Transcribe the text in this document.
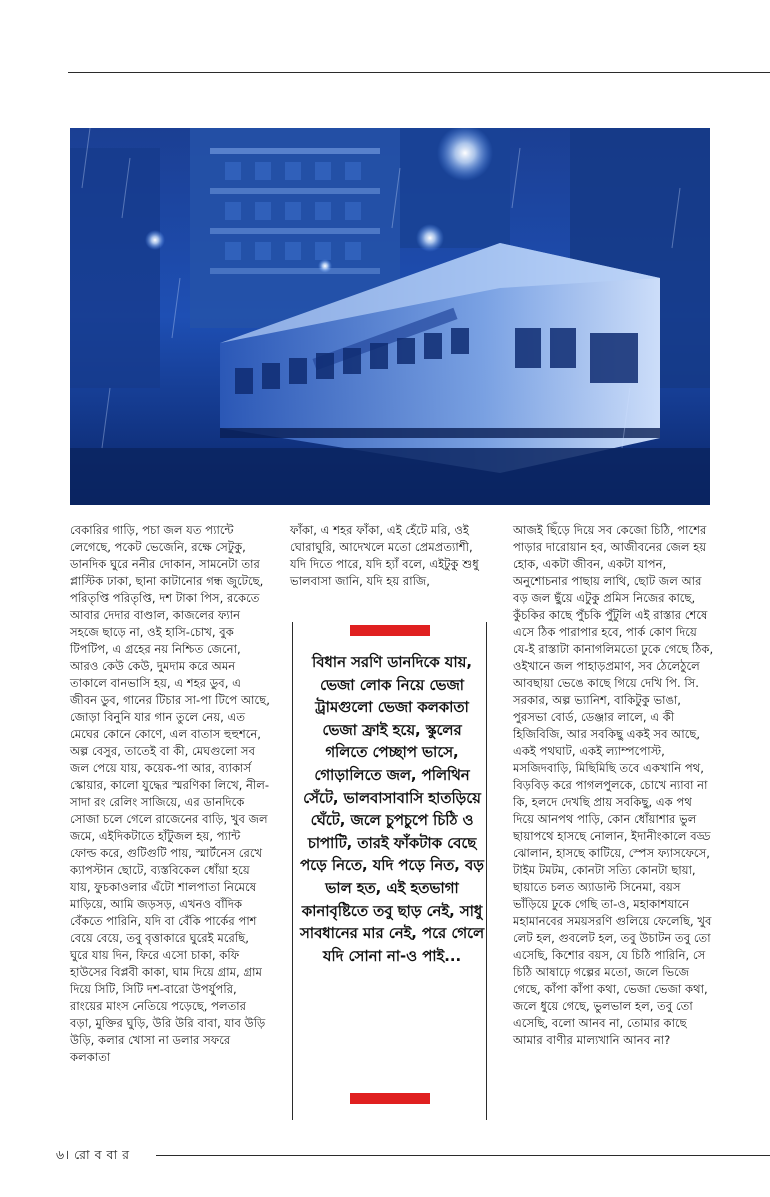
বেকারির গাড়ি, পচা জল যত প্যান্টে লেগেছে, পকেট ভেজেনি, রক্ষে সেটুকু, ডানদিক ঘুরে ননীর দোকান, সামনেটা তার প্লাস্টিক ঢাকা, ছানা কাটানোর গন্ধ জুটেছে, পরিতৃপ্তি পরিতৃপ্তি, দশ টাকা পিস, রকেতে আবার দেদার বাণ্ডাল, কাজলের ফ্যান সহজে ছাড়ে না, ওই হাসি-চোখ, বুক টিপটিপ, এ গ্রহের নয় নিশ্চিত জেনো, আরও কেউ কেউ, দুমদাম করে অমন তাকালে বানভাসি হয়, এ শহর ডুব, এ জীবন ডুব, গানের টিচার সা-পা টিপে আছে, জোড়া বিনুনি যার গান তুলে নেয়, এত মেঘের কোনে কোণে, এল বাতাস হুহুশনে, অল্প বেসুর, তাতেই বা কী, মেঘগুলো সব জল পেয়ে যায়, কয়েক-পা আর, ব্যাকার্স স্কোয়ার, কালো যুদ্ধের স্মরণিকা লিখে, নীল-সাদা রং রেলিং সাজিয়ে, এর ডানদিকে সোজা চলে গেলে রাজেনের বাড়ি, খুব জল জমে, এইদিকটাতে হাঁটুজল হয়, প্যান্ট ফোল্ড করে, গুটিগুটি পায়, স্মার্টনেস রেখে ক্যাপস্টান ছোটে, ব্যস্তবিকেল ধোঁয়া হয়ে যায়, ফুচকাওলার এঁটো শালপাতা নিমেষে মাড়িয়ে, আমি জড়সড়, এখনও বাঁদিক বেঁকতে পারিনি, যদি বা বেঁকি পার্কের পাশ বেয়ে বেয়ে, তবু বৃত্তাকারে ঘুরেই মরেছি, ঘুরে যায় দিন, ফিরে এসো চাকা, কফি হাউসের বিপ্লবী কাকা, ঘাম দিয়ে গ্রাম, গ্রাম দিয়ে সিটি, সিটি দশ-বারো উপর্যুপরি, রাংয়ের মাংস নেতিয়ে পড়েছে, পলতার বড়া, মুক্তির ঘুড়ি, উরি উরি বাবা, যাব উড়ি উড়ি, কলার খোসা না ডলার সফরে কলকাতা

ফাঁকা, এ শহর ফাঁকা, এই হেঁটে মরি, ওই ঘোরাঘুরি, আদেখলে মতো প্রেমপ্রত্যাশী, যদি দিতে পারে, যদি হ্যাঁ বলে, এইটুকু শুধু ভালবাসা জানি, যদি হয় রাজি,

আজই ছিঁড়ে দিয়ে সব কেজো চিঠি, পাশের পাড়ার দারোয়ান হব, আজীবনের জেল হয় হোক, একটা জীবন, একটা যাপন, অনুশোচনার পাছায় লাথি, ছোট জল আর বড় জল ছুঁয়ে এটুকু প্রমিস নিজের কাছে, কুঁচকির কাছে পুঁচকি পুঁটুলি এই রাস্তার শেষে এসে ঠিক পারাপার হবে, পার্ক কোণ দিয়ে যে-ই রাস্তাটা কানাগলিমতো ঢুকে গেছে ঠিক, ওইখানে জল পাহাড়প্রমাণ, সব ঠেলেঠুলে আবছায়া ভেঙে কাছে গিয়ে দেখি পি. সি. সরকার, অল্প ভ্যানিশ, বাকিটুকু ভাঙা, পুরসভা বোর্ড, ডেঞ্জার লালে, এ কী হিজিবিজি, আর সবকিছু একই সব আছে, একই পথঘাট, একই ল্যাম্পপোস্ট, মসজিদবাড়ি, মিছিমিছি তবে একখানি পথ, বিড়বিড় করে পাগলপুলকে, চোখে ন্যাবা না কি, হলদে দেখছি প্রায় সবকিছু, এক পথ দিয়ে আনপথ পাড়ি, কোন ধোঁয়াশার ভুল ছায়াপথে হাসছে নোলান, ইদানীংকালে বড্ড ঝোলান, হাসছে কাটিয়ে, স্পেস ফ্যাসফেসে, টাইম টমটম, কোনটা সত্যি কোনটা ছায়া, ছায়াতে চলত অ্যাডাল্ট সিনেমা, বয়স ভাঁড়িয়ে ঢুকে গেছি তা-ও, মহাকাশযানে মহামানবের সময়সরণি গুলিয়ে ফেলেছি, খুব লেট হল, গুবলেট হল, তবু উচাটন তবু তো এসেছি, কিশোর বয়স, যে চিঠি পারিনি, সে চিঠি আষাঢ়ে গল্পের মতো, জলে ভিজে গেছে, কাঁপা কাঁপা কথা, ভেজা ভেজা কথা, জলে ধুয়ে গেছে, ভুলভাল হল, তবু তো এসেছি, বলো আনব না, তোমার কাছে আমার বাণীর মাল্যখানি আনব না?

বিধান সরণি ডানদিকে যায়, ভেজা লোক নিয়ে ভেজা ট্রামগুলো ভেজা কলকাতা ভেজা ফ্রাই হয়ে, স্কুলের গলিতে পেচ্ছাপ ভাসে, গোড়ালিতে জল, পলিথিন সেঁটে, ভালবাসাবাসি হাতড়িয়ে ঘেঁটে, জলে চুপচুপে চিঠি ও চাপাটি, তারই ফাঁকটাক বেছে পড়ে নিতে, যদি পড়ে নিত, বড় ভাল হত, এই হতভাগা কানাবৃষ্টিতে তবু ছাড় নেই, সাধু সাবধানের মার নেই, পরে গেলে যদি সোনা না-ও পাই...

৬। রো ব বা র
